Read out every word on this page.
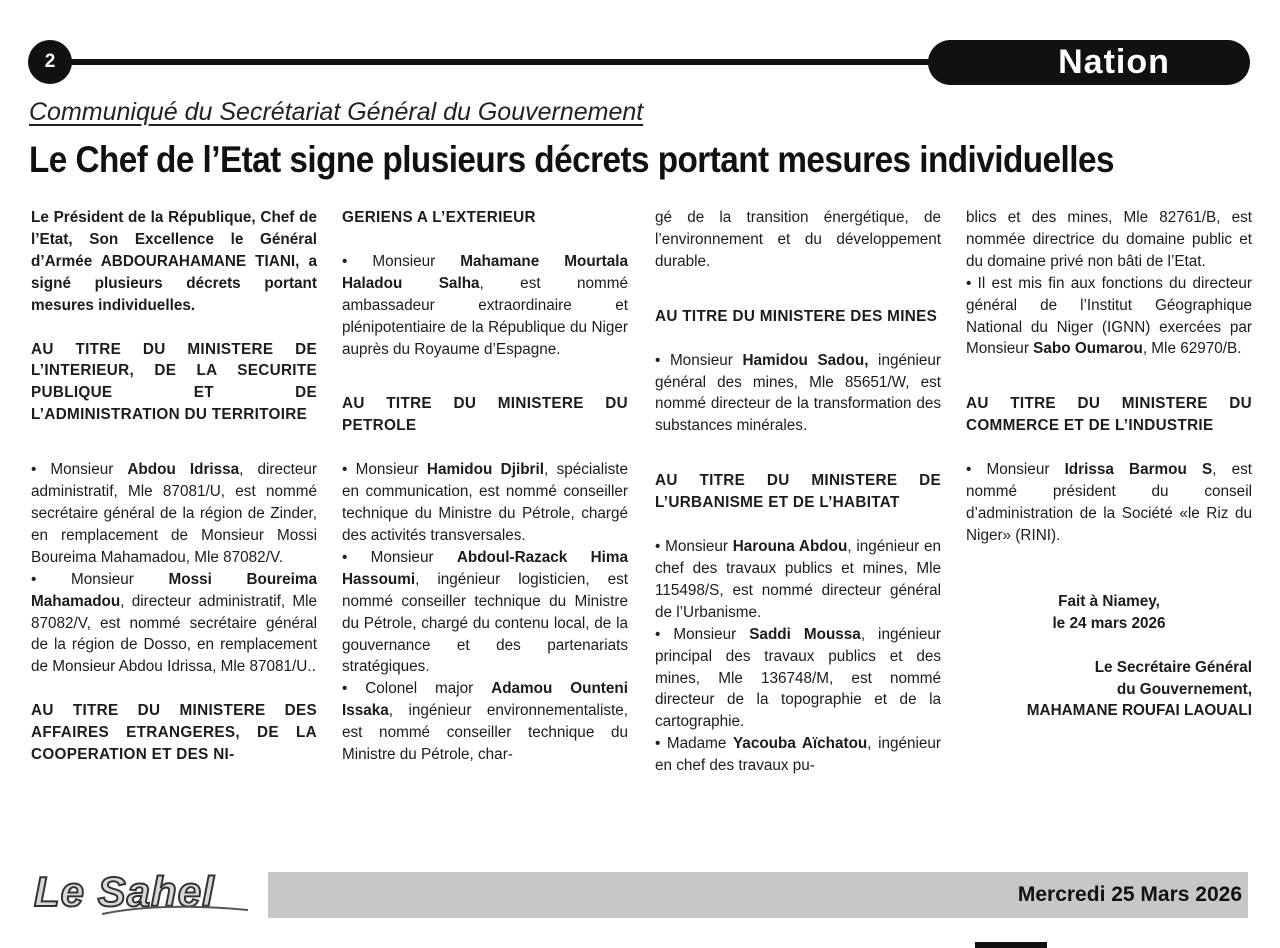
2	Nation
Communiqué du Secrétariat Général du Gouvernement
Le Chef de l’Etat signe plusieurs décrets portant mesures individuelles

Le Président de la République, Chef de l’Etat, Son Excellence le Général d’Armée ABDOURAHAMANE TIANI, a signé plusieurs décrets portant mesures individuelles.

AU TITRE DU MINISTERE DE L’INTERIEUR, DE LA SECURITE PUBLIQUE ET DE L’ADMINISTRATION DU TERRITOIRE

• Monsieur Abdou Idrissa, directeur administratif, Mle 87081/U, est nommé secrétaire général de la région de Zinder, en remplacement de Monsieur Mossi Boureima Mahamadou, Mle 87082/V.

• Monsieur Mossi Boureima Mahamadou, directeur administratif, Mle 87082/V, est nommé secrétaire général de la région de Dosso, en remplacement de Monsieur Abdou Idrissa, Mle 87081/U..

AU TITRE DU MINISTERE DES AFFAIRES ETRANGERES, DE LA COOPERATION ET DES NI-

GERIENS A L’EXTERIEUR

• Monsieur Mahamane Mourtala Haladou Salha, est nommé ambassadeur extraordinaire et plénipotentiaire de la République du Niger auprès du Royaume d’Espagne.

AU TITRE DU MINISTERE DU PETROLE

• Monsieur Hamidou Djibril, spécialiste en communication, est nommé conseiller technique du Ministre du Pétrole, chargé des activités transversales.

• Monsieur Abdoul-Razack Hima Hassoumi, ingénieur logisticien, est nommé conseiller technique du Ministre du Pétrole, chargé du contenu local, de la gouvernance et des partenariats stratégiques.

• Colonel major Adamou Ounteni Issaka, ingénieur environnementaliste, est nommé conseiller technique du Ministre du Pétrole, char-

gé de la transition énergétique, de l’environnement et du développement durable.

AU TITRE DU MINISTERE DES MINES

• Monsieur Hamidou Sadou, ingénieur général des mines, Mle 85651/W, est nommé directeur de la transformation des substances minérales.

AU TITRE DU MINISTERE DE L’URBANISME ET DE L’HABITAT

• Monsieur Harouna Abdou, ingénieur en chef des travaux publics et mines, Mle 115498/S, est nommé directeur général de l’Urbanisme.

• Monsieur Saddi Moussa, ingénieur principal des travaux publics et des mines, Mle 136748/M, est nommé directeur de la topographie et de la cartographie.

• Madame Yacouba Aïchatou, ingénieur en chef des travaux pu-

blics et des mines, Mle 82761/B, est nommée directrice du domaine public et du domaine privé non bâti de l’Etat.

• Il est mis fin aux fonctions du directeur général de l’Institut Géographique National du Niger (IGNN) exercées par Monsieur Sabo Oumarou, Mle 62970/B.

AU TITRE DU MINISTERE DU COMMERCE ET DE L’INDUSTRIE

• Monsieur Idrissa Barmou S, est nommé président du conseil d’administration de la Société «le Riz du Niger» (RINI).

Fait à Niamey,

le 24 mars 2026

Le Secrétaire Général

du Gouvernement,

MAHAMANE ROUFAI LAOUALI

Le Sahel	Mercredi 25 Mars 2026
